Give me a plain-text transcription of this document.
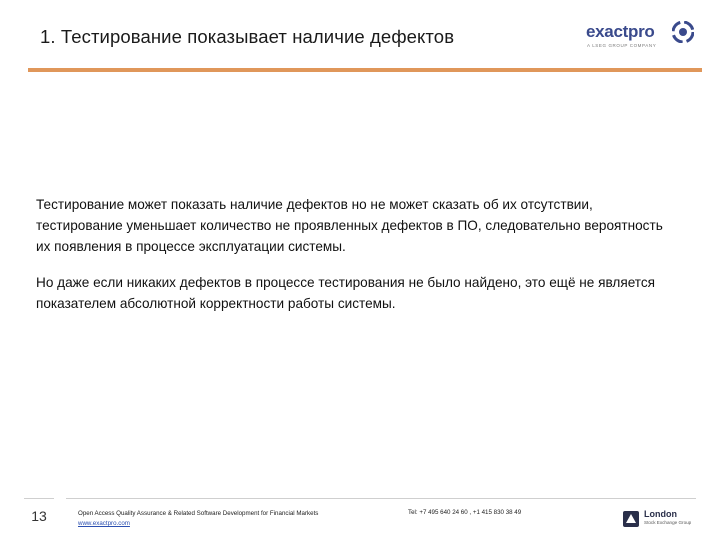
1. Тестирование показывает наличие дефектов	exactpro
A LSEG GROUP COMPANY

Тестирование может показать наличие дефектов но не может сказать об их отсутствии, тестирование уменьшает количество не проявленных дефектов в ПО, следовательно вероятность их появления в процессе эксплуатации системы.

Но даже если никаких дефектов в процессе тестирования не было найдено, это ещё не является показателем абсолютной корректности работы системы.

13	Open Access Quality Assurance & Related Software Development for Financial Markets
www.exactpro.com
Tel: +7 495 640 24 60 , +1 415 830 38 49	London
Stock Exchange Group
